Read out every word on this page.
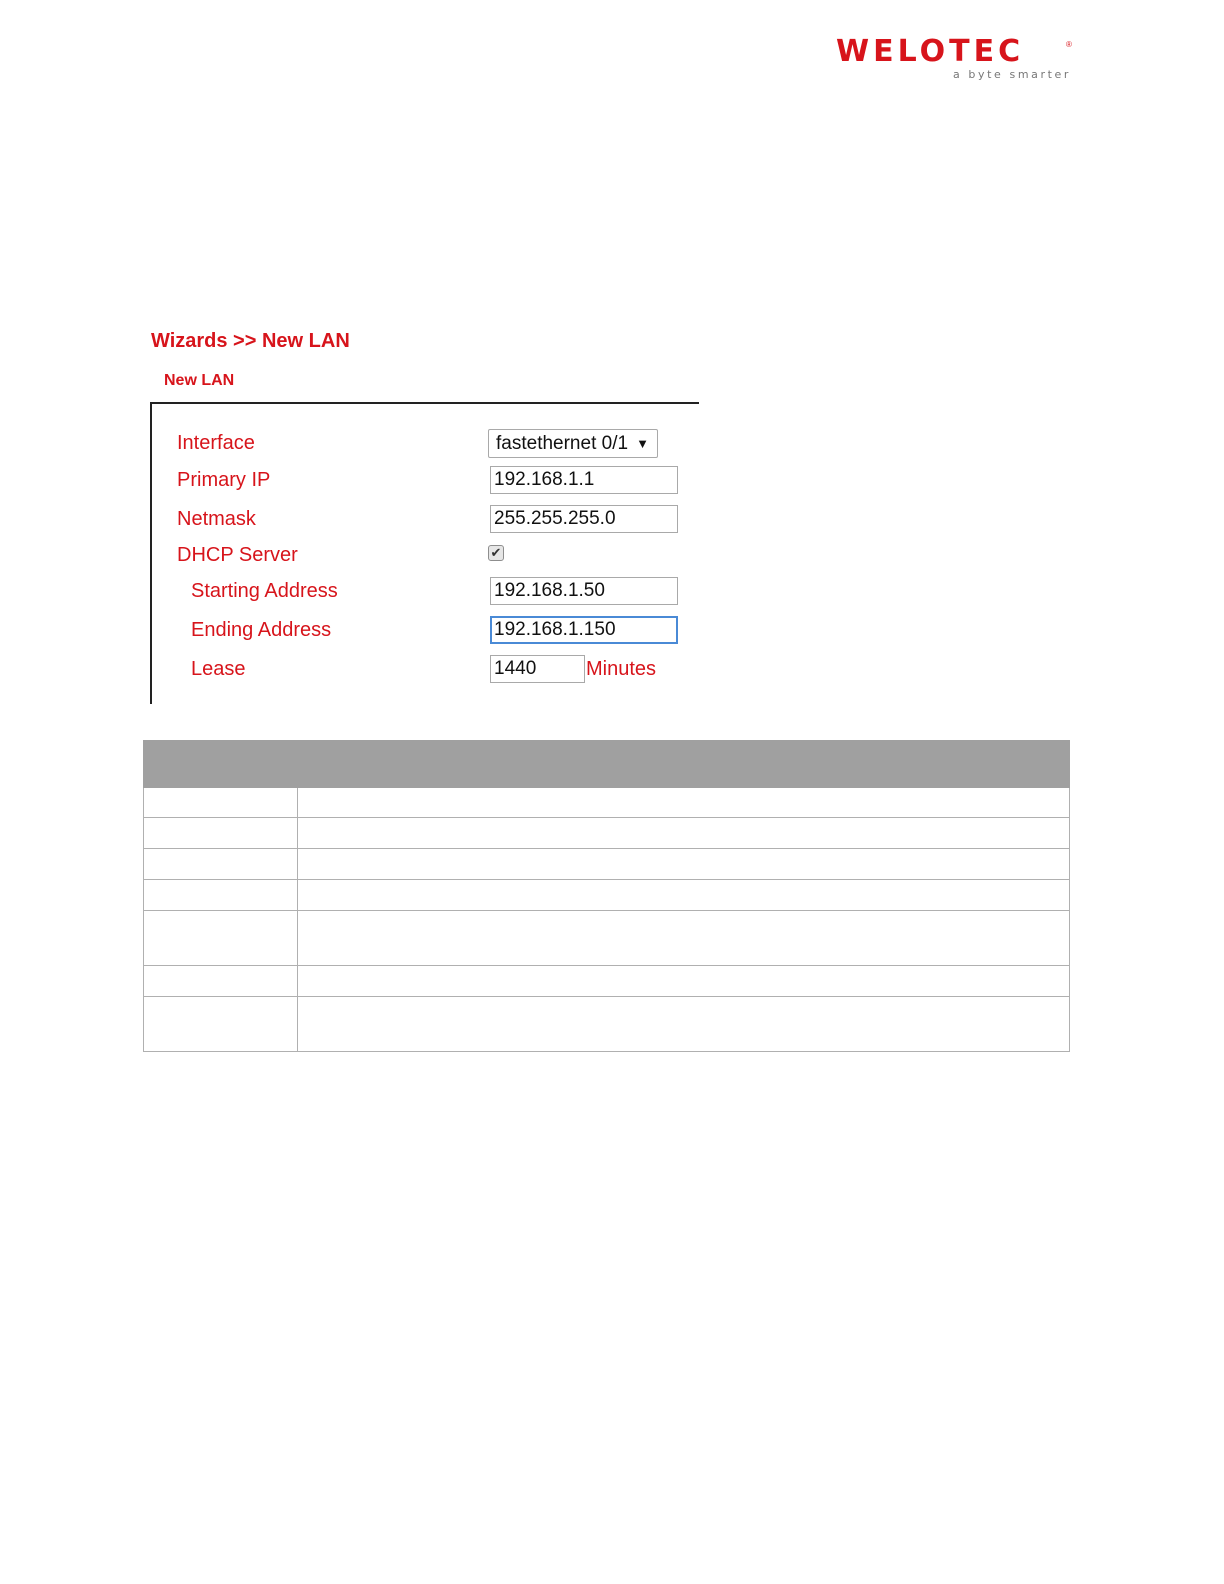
WELOTEC	®
a byte smarter
Wizards >> New LAN
New LAN
Interface	fastethernet 0/1 ▼
Primary IP	192.168.1.1
Netmask	255.255.255.0
DHCP Server	✔
Starting Address	192.168.1.50
Ending Address	192.168.1.150
Lease	1440	Minutes
